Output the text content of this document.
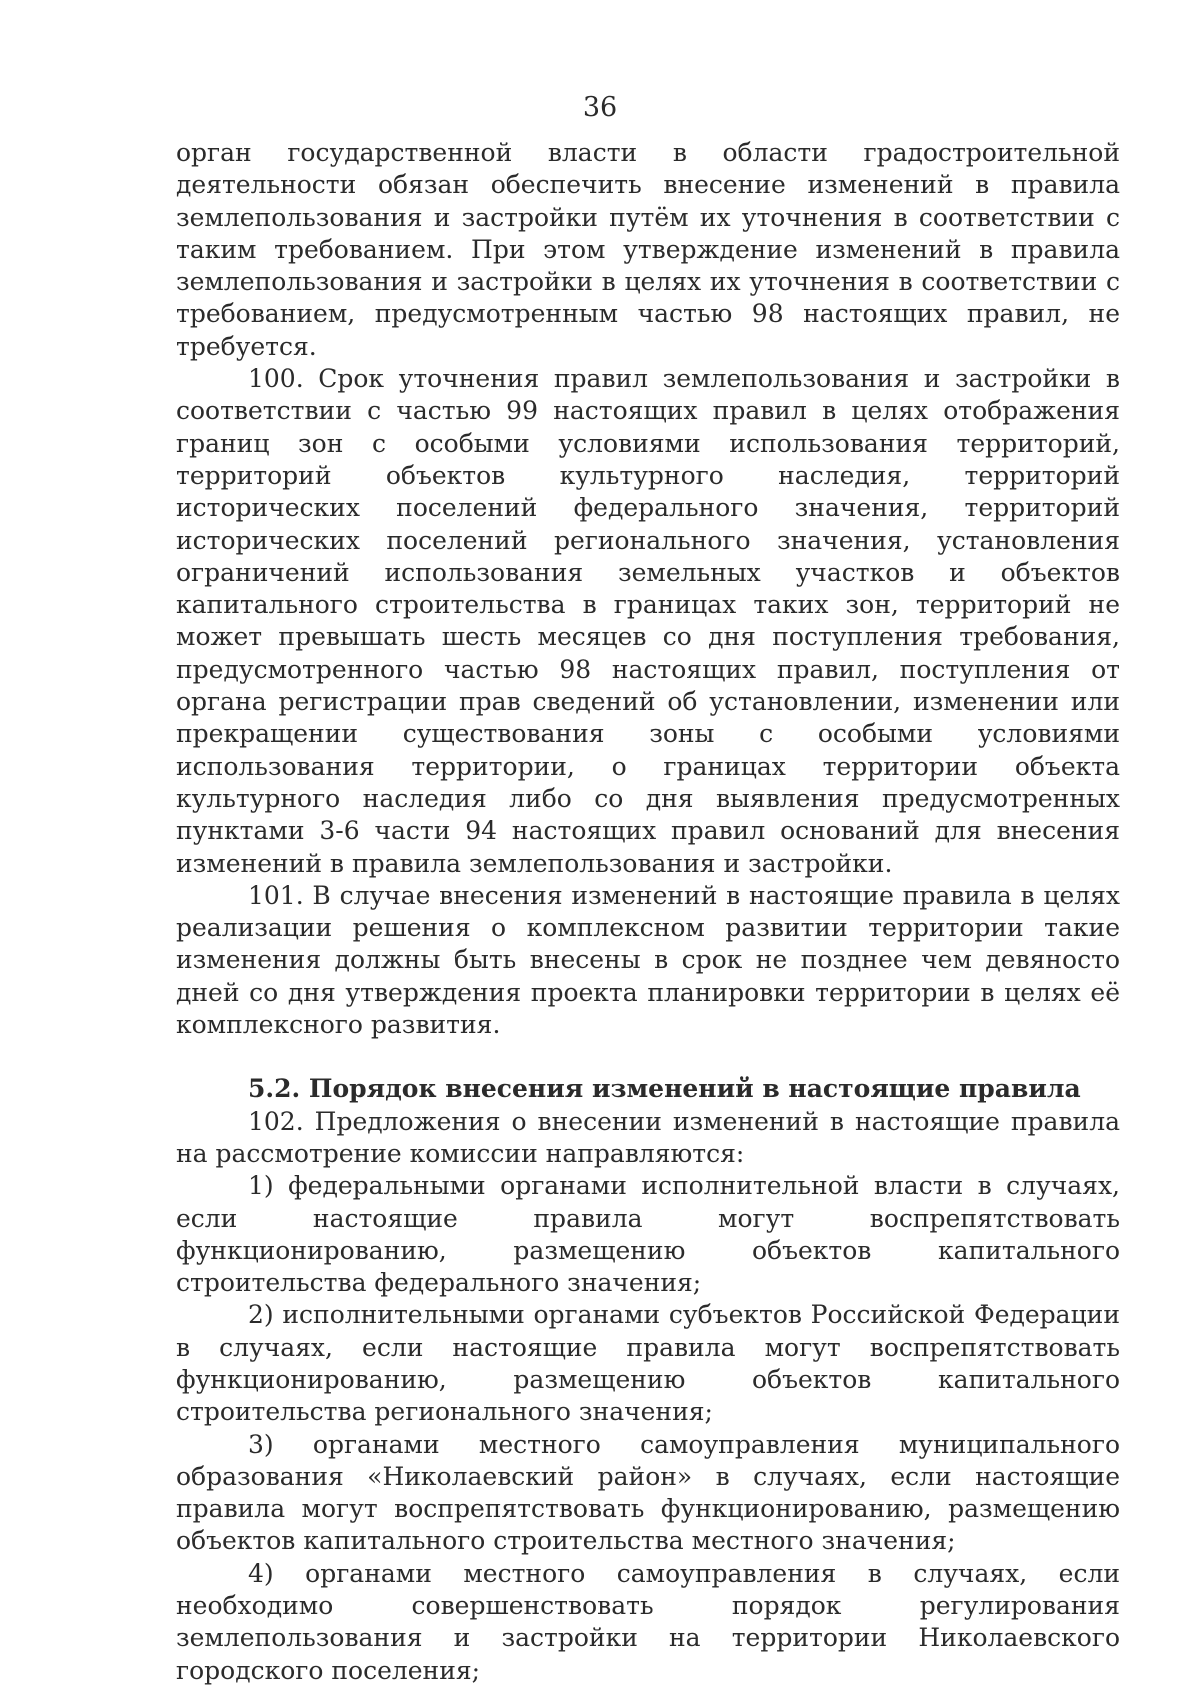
36

орган государственной власти в области градостроительной деятельности обязан обеспечить внесение изменений в правила землепользования и застройки путём их уточнения в соответствии с таким требованием. При этом утверждение изменений в правила землепользования и застройки в целях их уточнения в соответствии с требованием, предусмотренным частью 98 настоящих правил, не требуется.

100. Срок уточнения правил землепользования и застройки в соответствии с частью 99 настоящих правил в целях отображения границ зон с особыми условиями использования территорий, территорий объектов культурного наследия, территорий исторических поселений федерального значения, территорий исторических поселений регионального значения, установления ограничений использования земельных участков и объектов капитального строительства в границах таких зон, территорий не может превышать шесть месяцев со дня поступления требования, предусмотренного частью 98 настоящих правил, поступления от органа регистрации прав сведений об установлении, изменении или прекращении существования зоны с особыми условиями использования территории, о границах территории объекта культурного наследия либо со дня выявления предусмотренных пунктами 3-6 части 94 настоящих правил оснований для внесения изменений в правила землепользования и застройки.

101. В случае внесения изменений в настоящие правила в целях реализации решения о комплексном развитии территории такие изменения должны быть внесены в срок не позднее чем девяносто дней со дня утверждения проекта планировки территории в целях её комплексного развития.

5.2. Порядок внесения изменений в настоящие правила

102. Предложения о внесении изменений в настоящие правила на рассмотрение комиссии направляются:

1) федеральными органами исполнительной власти в случаях, если настоящие правила могут воспрепятствовать функционированию, размещению объектов капитального строительства федерального значения;

2) исполнительными органами субъектов Российской Федерации в случаях, если настоящие правила могут воспрепятствовать функционированию, размещению объектов капитального строительства регионального значения;

3) органами местного самоуправления муниципального образования «Николаевский район» в случаях, если настоящие правила могут воспрепятствовать функционированию, размещению объектов капитального строительства местного значения;

4) органами местного самоуправления в случаях, если необходимо совершенствовать порядок регулирования землепользования и застройки на территории Николаевского городского поселения;
